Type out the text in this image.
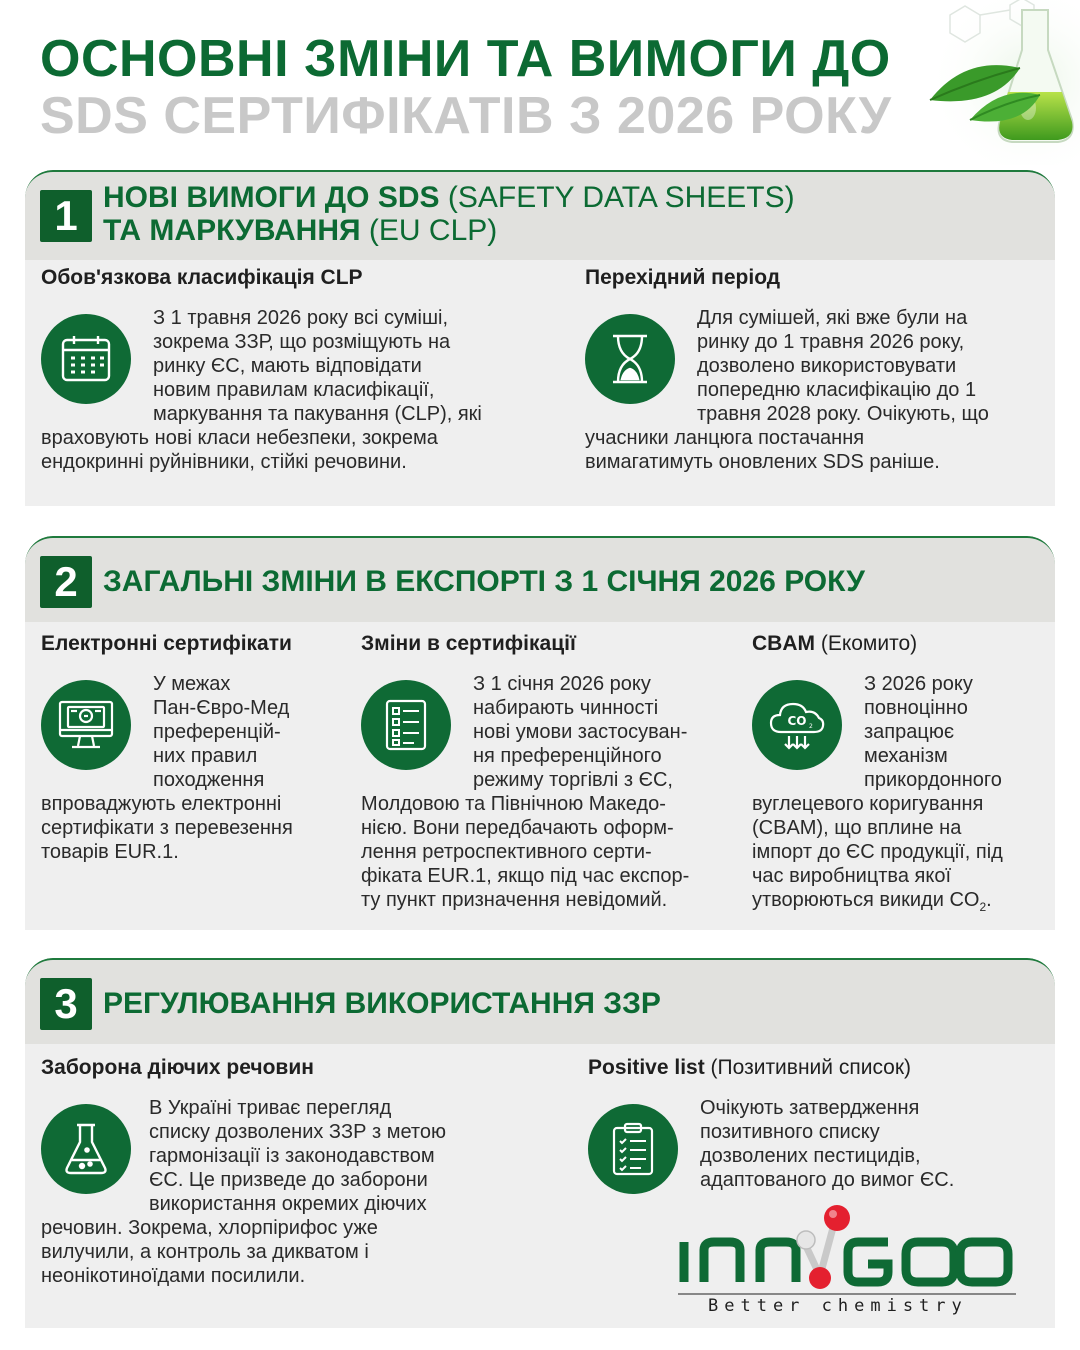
ОСНОВНІ ЗМІНИ ТА ВИМОГИ ДО
SDS СЕРТИФІКАТІВ З 2026 РОКУ
1 НОВІ ВИМОГИ ДО SDS (SAFETY DATA SHEETS)
ТА МАРКУВАННЯ (EU CLP)
Обов'язкова класифікація CLP
З 1 травня 2026 року всі суміші,
зокрема ЗЗР, що розміщують на
ринку ЄС, мають відповідати
новим правилам класифікації,
маркування та пакування (CLP), які
враховують нові класи небезпеки, зокрема
ендокринні руйнівники, стійкі речовини.
Перехідний період
Для сумішей, які вже були на
ринку до 1 травня 2026 року,
дозволено використовувати
попередню класифікацію до 1
травня 2028 року. Очікують, що
учасники ланцюга постачання
вимагатимуть оновлених SDS раніше.
2 ЗАГАЛЬНІ ЗМІНИ В ЕКСПОРТІ З 1 СІЧНЯ 2026 РОКУ
Електронні сертифікати
У межах
Пан-Євро-Мед
преференцій-
них правил
походження
впроваджують електронні сертифікати з перевезення товарів EUR.1.
Зміни в сертифікації
З 1 січня 2026 року
набирають чинності
нові умови застосуван-
ня преференційного
режиму торгівлі з ЄС,
Молдовою та Північною Македо-
нією. Вони передбачають оформ-
лення ретроспективного серти-
фіката EUR.1, якщо під час експор-
ту пункт призначення невідомий.
CBAM (Екомито)
CO 2
З 2026 року
повноцінно
запрацює
механізм
прикордонного
вуглецевого коригування
(CBAM), що вплине на
імпорт до ЄС продукції, під
час виробництва якої
утворюються викиди $CO_2$.
3 РЕГУЛЮВАННЯ ВИКОРИСТАННЯ ЗЗР
Заборона діючих речовин
В Україні триває перегляд
списку дозволених ЗЗР з метою
гармонізації із законодавством
ЄС. Це призведе до заборони
використання окремих діючих
речовин. Зокрема, хлорпірифос уже
вилучили, а контроль за дикватом і
неонікотиноїдами посилили.
Positive list (Позитивний список)
Очікують затвердження
позитивного списку
дозволених пестицидів,
адаптованого до вимог ЄС.
Better chemistry
